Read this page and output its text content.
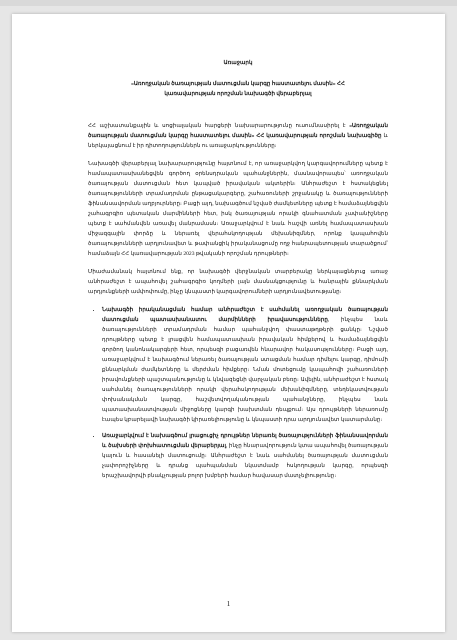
Առաջարկ
«Առողջական ծառայության մատուցման կարգը հաստատելու մասին» ՀՀ կառավարության որոշման նախագծի վերաբերյալ

ՀՀ աշխատանքային և սոցիալական հարցերի նախարարությունը ուսումնասիրել է «Առողջական ծառայության մատուցման կարգը հաստատելու մասին» ՀՀ կառավարության որոշման նախագիծը և ներկայացնում է իր դիտողություններն ու առաջարկությունները։

Նախագծի վերաբերյալ նախարարությունը հայտնում է, որ առաջարկվող կարգավորումները պետք է համապատասխանեցվեն գործող օրենսդրական պահանջներին, մասնավորապես՝ առողջական ծառայության մատուցման հետ կապված իրավական ակտերին։ Անհրաժեշտ է հստակեցնել ծառայությունների տրամադրման ընթացակարգերը, շահառուների շրջանակը և ծառայությունների ֆինանսավորման աղբյուրները։ Բացի այդ, նախագծում նշված ժամկետները պետք է համաձայնեցվեն շահագրգիռ պետական մարմինների հետ, իսկ ծառայության որակի գնահատման չափանիշները պետք է սահմանվեն առավել մանրամասն։ Առաջարկվում է նաև հաշվի առնել համապատասխան միջազգային փորձը և ներառել վերահսկողության մեխանիզմներ, որոնք կապահովեն ծառայությունների արդյունավետ և թափանցիկ իրականացումը ողջ հանրապետության տարածքում՝ համաձայն ՀՀ կառավարության 2023 թվականի որոշման դրույթների։

Միաժամանակ հայտնում ենք, որ նախագծի վերջնական տարբերակը ներկայացնելուց առաջ անհրաժեշտ է ապահովել շահագրգիռ կողմերի լայն մասնակցությունը և հանրային քննարկման արդյունքների ամփոփումը, ինչը կնպաստի կարգավորումների արդյունավետությանը։

• Նախագծի իրականացման համար անհրաժեշտ է սահմանել առողջական ծառայության մատուցման պատասխանատու մարմինների իրավասությունները, ինչպես նաև ծառայությունների տրամադրման համար պահանջվող փաստաթղթերի ցանկը։ Նշված դրույթները պետք է լրացվեն համապատասխան իրավական հիմքերով և համաձայնեցվեն գործող կանոնակարգերի հետ, որպեսզի բացառվեն հնարավոր հակասությունները։ Բացի այդ, առաջարկվում է նախագծում ներառել ծառայության ստացման համար դիմելու կարգը, դիմումի քննարկման ժամկետները և մերժման հիմքերը։ Նման մոտեցումը կապահովի շահառուների իրավունքների պաշտպանությունը և կնվազեցնի վարչական բեռը։ Ավելին, անհրաժեշտ է հստակ սահմանել ծառայությունների որակի վերահսկողության մեխանիզմները, տեղեկատվության փոխանակման կարգը, հաշվետվողականության պահանջները, ինչպես նաև պատասխանատվության միջոցները կարգի խախտման դեպքում։ Այս դրույթների ներառումը էապես կբարելավի նախագծի կիրառելիությունը և կնպաստի դրա արդյունավետ կատարմանը։
• Առաջարկվում է նախագծում լրացուցիչ դրույթներ ներառել ծառայությունների ֆինանսավորման և ծախսերի փոխհատուցման վերաբերյալ, ինչը հնարավորություն կտա ապահովել ծառայության կայուն և հասանելի մատուցումը։ Անհրաժեշտ է նաև սահմանել ծառայության մատուցման չափորոշիչները և դրանց պահպանման նկատմամբ հսկողության կարգը, որպեսզի երաշխավորվի բնակչության բոլոր խմբերի համար հավասար մատչելիությունը։
1
